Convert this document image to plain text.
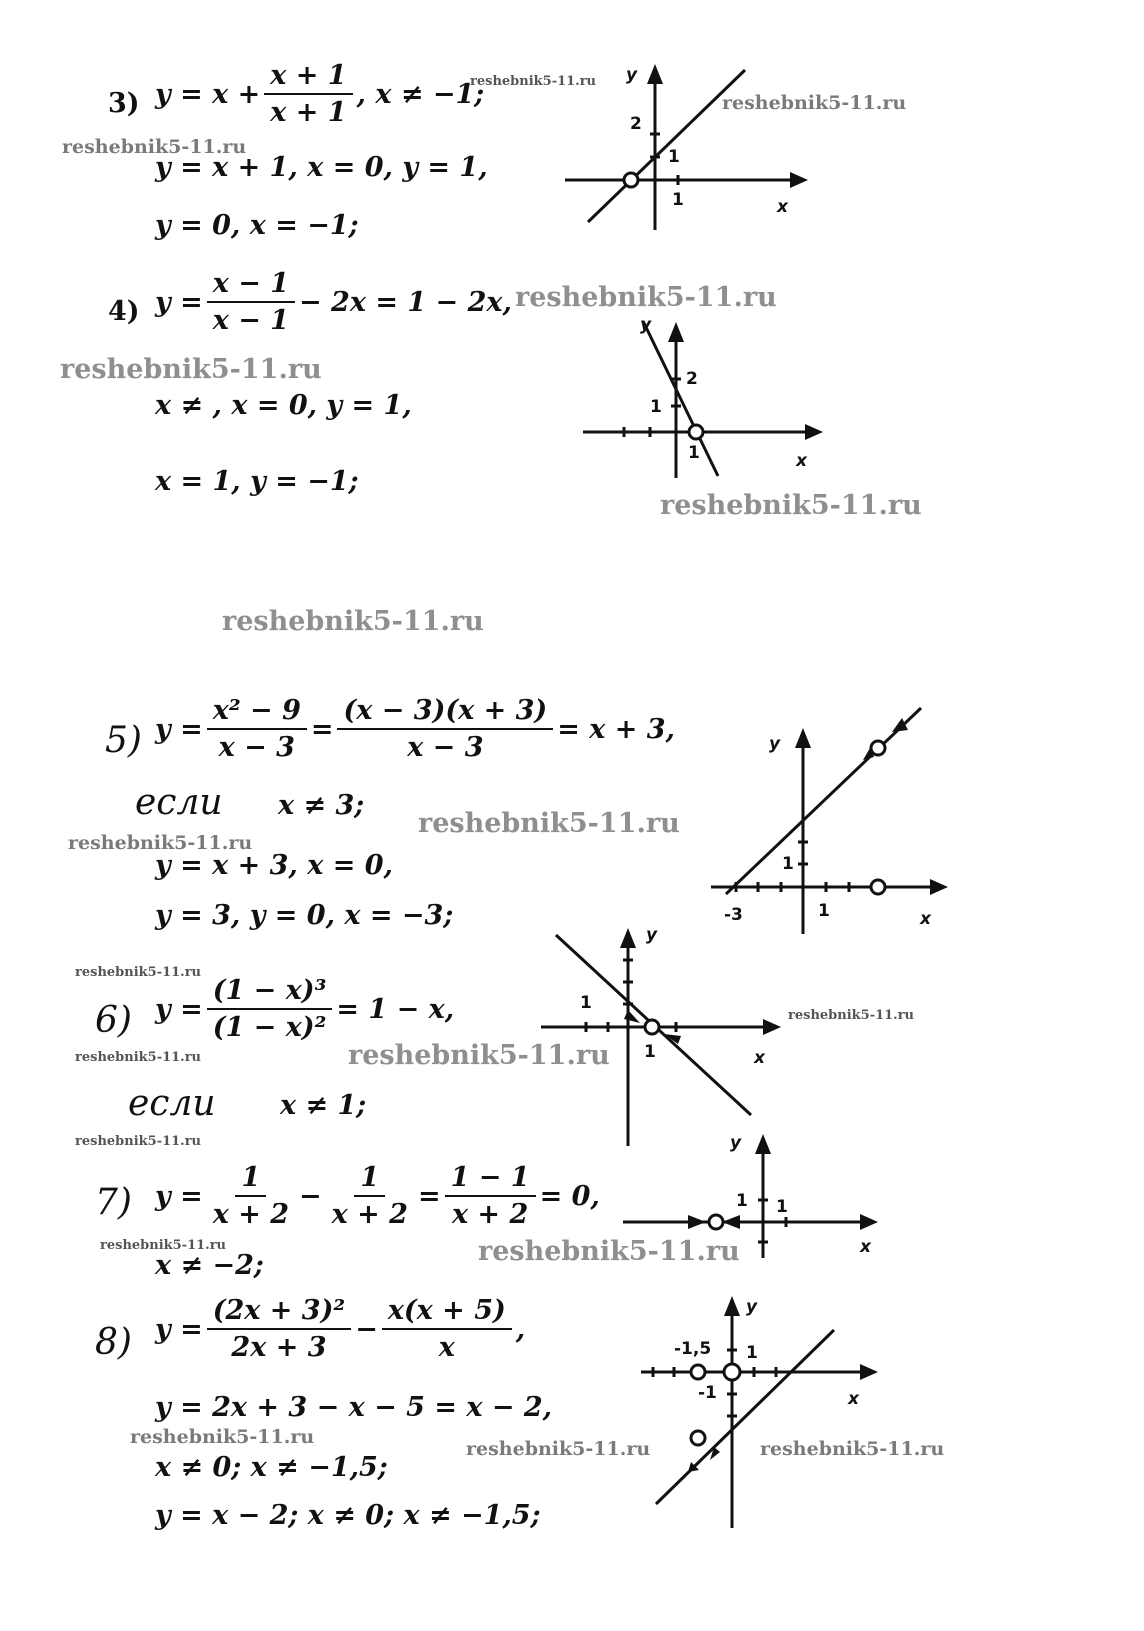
3) $y = x + \frac{x + 1}{x + 1}$ , x ≠ −1;
y = x + 1, x = 0, y = 1,
y = 0, x = −1;
y
2
1
1	x
4) $y = \frac{x - 1}{x - 1} - 2x = 1 - 2x$,
x ≠ , x = 0, y = 1,
x = 1, y = −1;
y
2
1
1	x
5) $y = \frac{\text{x² − 9}}{x - 3} = \frac{(x - 3)(x + 3)}{x - 3} = x + 3$,
если x ≠ 3;
y = x + 3, x = 0,
y = 3, y = 0, x = −3;
y
1
-3	1	x
6) $y = \frac{\text{(1 − x)³}}{\text{(1 − x)²}} = 1 - x$,
если x ≠ 1;
y
1
1	x
7) $y = \frac{1}{x + 2} - \frac{1}{x + 2} = \frac{1 - 1}{x + 2} = 0$,
x ≠ −2;
y
1 1
x
8) $y = \frac{\text{(2x + 3)²}}{2x + 3} - \frac{x(x + 5)}{x}$ ,
y = 2x + 3 − x − 5 = x − 2,
x ≠ 0; x ≠ −1,5;
y = x − 2; x ≠ 0; x ≠ −1,5;
y
-1,5 1
-1	x
reshebnik5-11.ru
reshebnik5-11.ru
reshebnik5-11.ru
reshebnik5-11.ru
reshebnik5-11.ru
reshebnik5-11.ru
reshebnik5-11.ru
reshebnik5-11.ru
reshebnik5-11.ru
reshebnik5-11.ru
reshebnik5-11.ru
reshebnik5-11.ru	reshebnik5-11.ru
reshebnik5-11.ru
reshebnik5-11.ru	reshebnik5-11.ru
reshebnik5-11.ru
reshebnik5-11.ru	reshebnik5-11.ru
